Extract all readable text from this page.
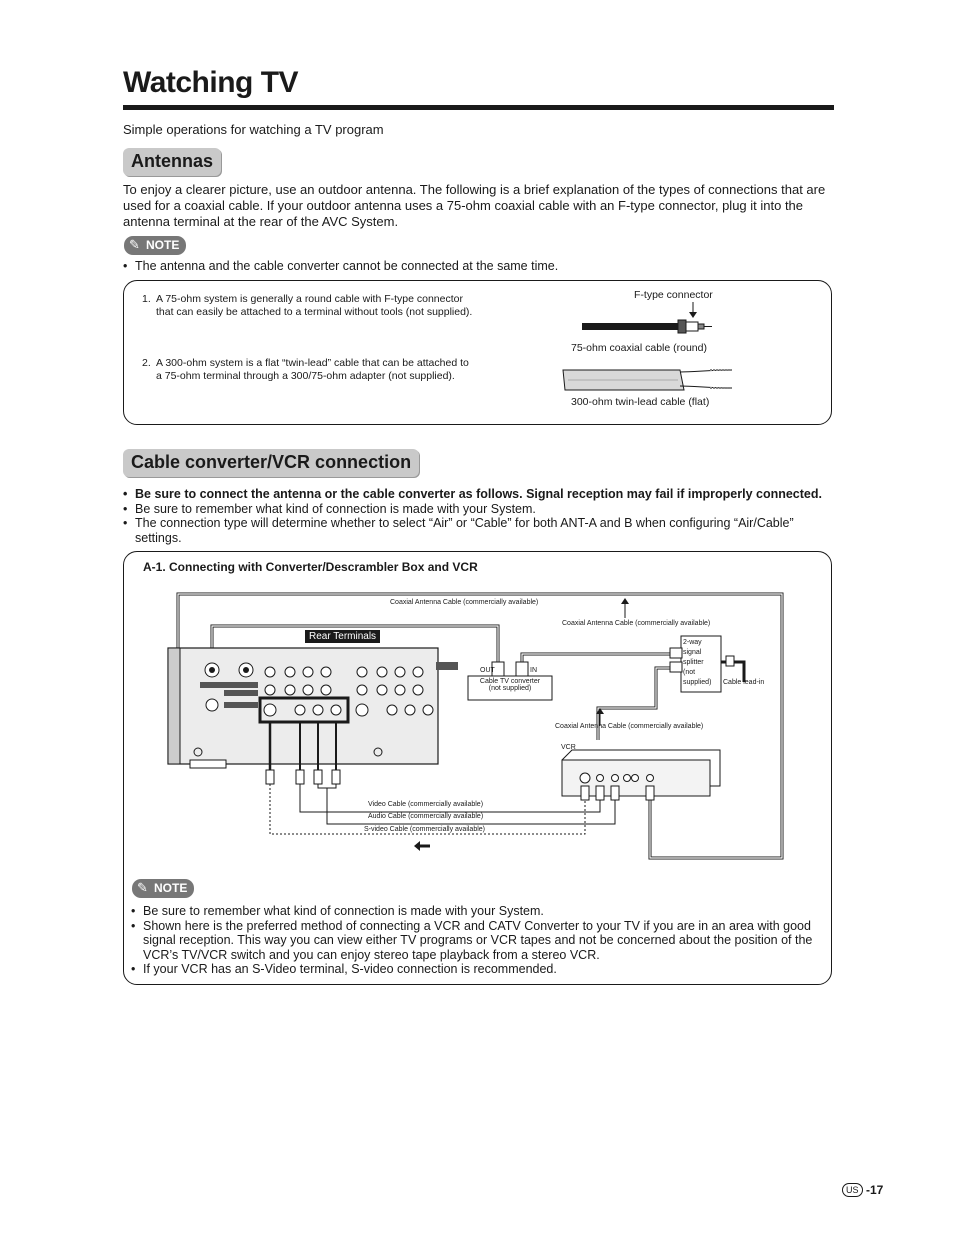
Watching TV
Simple operations for watching a TV program
Antennas
To enjoy a clearer picture, use an outdoor antenna. The following is a brief explanation of the types of connections that are used for a coaxial cable. If your outdoor antenna uses a 75-ohm coaxial cable with an F-type connector, plug it into the antenna terminal at the rear of the AVC System.
✎ NOTE
• The antenna and the cable converter cannot be connected at the same time.
1. A 75-ohm system is generally a round cable with F-type connector that can easily be attached to a terminal without tools (not supplied).
2. A 300-ohm system is a flat “twin-lead” cable that can be attached to a 75-ohm terminal through a 300/75-ohm adapter (not supplied).
F-type connector
75-ohm coaxial cable (round)
300-ohm twin-lead cable (flat)
Cable converter/VCR connection
• Be sure to connect the antenna or the cable converter as follows. Signal reception may fail if improperly connected.
• Be sure to remember what kind of connection is made with your System.
• The connection type will determine whether to select “Air” or “Cable” for both ANT-A and B when configuring “Air/Cable” settings.
A-1. Connecting with Converter/Descrambler Box and VCR
Coaxial Antenna Cable (commercially available)
Coaxial Antenna Cable (commercially available)
Rear Terminals
OUT	IN
Cable TV converter
(not supplied)
2-way
signal
splitter
(not
supplied) Cable lead-in
Coaxial Antenna Cable (commercially available)
VCR
Video Cable (commercially available)
Audio Cable (commercially available)
S-video Cable (commercially available)
✎ NOTE
• Be sure to remember what kind of connection is made with your System.
• Shown here is the preferred method of connecting a VCR and CATV Converter to your TV if you are in an area with good signal reception. This way you can view either TV programs or VCR tapes and not be concerned about the position of the VCR’s TV/VCR switch and you can enjoy stereo tape playback from a stereo VCR.
• If your VCR has an S-Video terminal, S-video connection is recommended.
US -17
